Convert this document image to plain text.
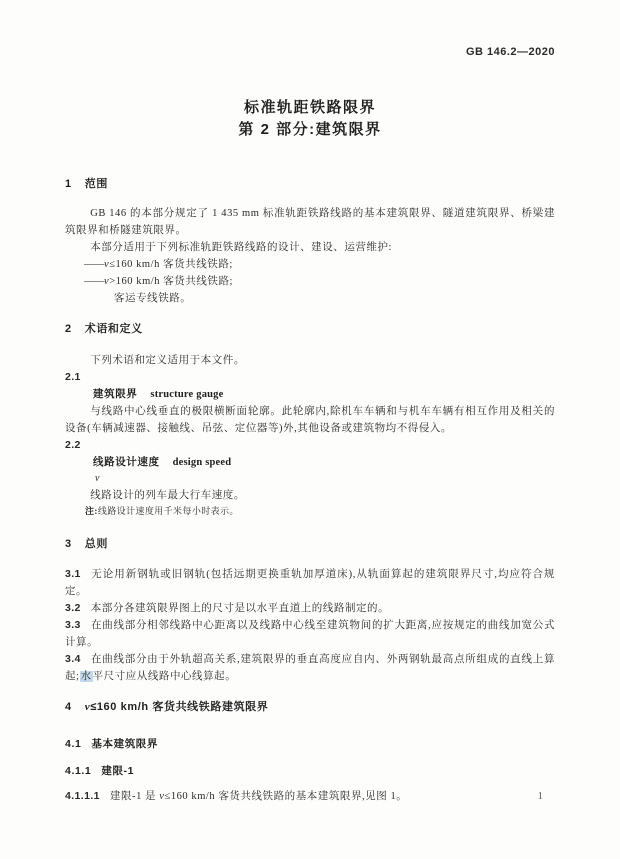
GB 146.2—2020
标准轨距铁路限界
第 2 部分:建筑限界
1 范围

GB 146 的本部分规定了 1 435 mm 标准轨距铁路线路的基本建筑限界、隧道建筑限界、桥梁建筑限界和桥隧建筑限界。

本部分适用于下列标准轨距铁路线路的设计、建设、运营维护:

——v≤160 km/h 客货共线铁路;
——v>160 km/h 客货共线铁路;
客运专线铁路。
2 术语和定义

下列术语和定义适用于本文件。

2.1
建筑限界 structure gauge

与线路中心线垂直的极限横断面轮廓。此轮廓内,除机车车辆和与机车车辆有相互作用及相关的设备(车辆减速器、接触线、吊弦、定位器等)外,其他设备或建筑物均不得侵入。

2.2
线路设计速度 design speed
v

线路设计的列车最大行车速度。

注:线路设计速度用千米每小时表示。
3 总则

3.1 无论用新钢轨或旧钢轨(包括远期更换重轨加厚道床),从轨面算起的建筑限界尺寸,均应符合规定。

3.2 本部分各建筑限界图上的尺寸是以水平直道上的线路制定的。

3.3 在曲线部分相邻线路中心距离以及线路中心线至建筑物间的扩大距离,应按规定的曲线加宽公式计算。

3.4 在曲线部分由于外轨超高关系,建筑限界的垂直高度应自内、外两钢轨最高点所组成的直线上算起;水平尺寸应从线路中心线算起。

4 v≤160 km/h 客货共线铁路建筑限界
4.1 基本建筑限界
4.1.1 建限-1

4.1.1.1 建限-1 是 v≤160 km/h 客货共线铁路的基本建筑限界,见图 1。	1
